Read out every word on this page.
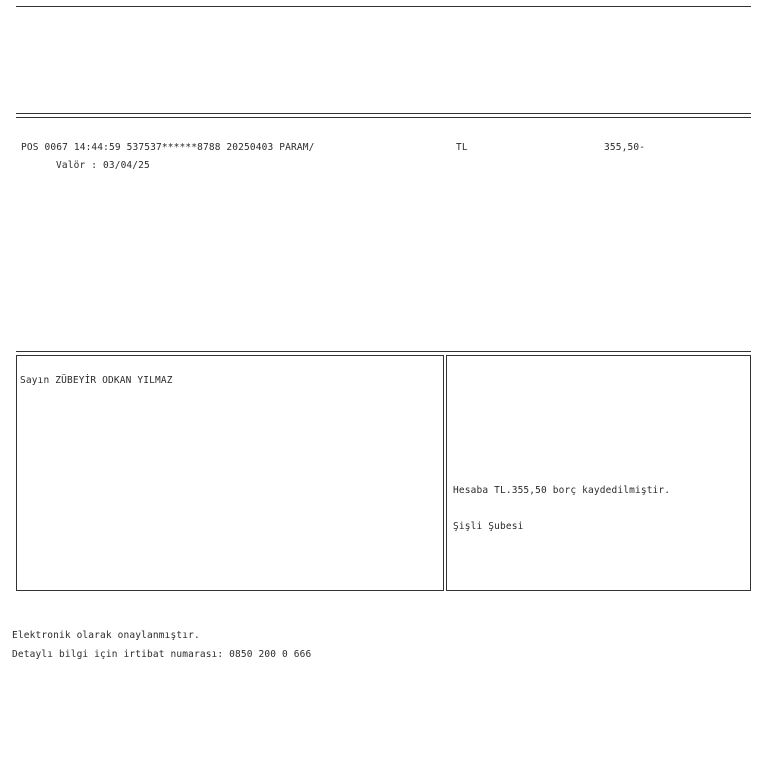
POS 0067 14:44:59 537537******8788 20250403 PARAM/	TL	355,50-
Valör : 03/04/25
Sayın ZÜBEYİR ODKAN YILMAZ
Hesaba TL.355,50 borç kaydedilmiştir.
Şişli Şubesi
Elektronik olarak onaylanmıştır.
Detaylı bilgi için irtibat numarası: 0850 200 0 666
